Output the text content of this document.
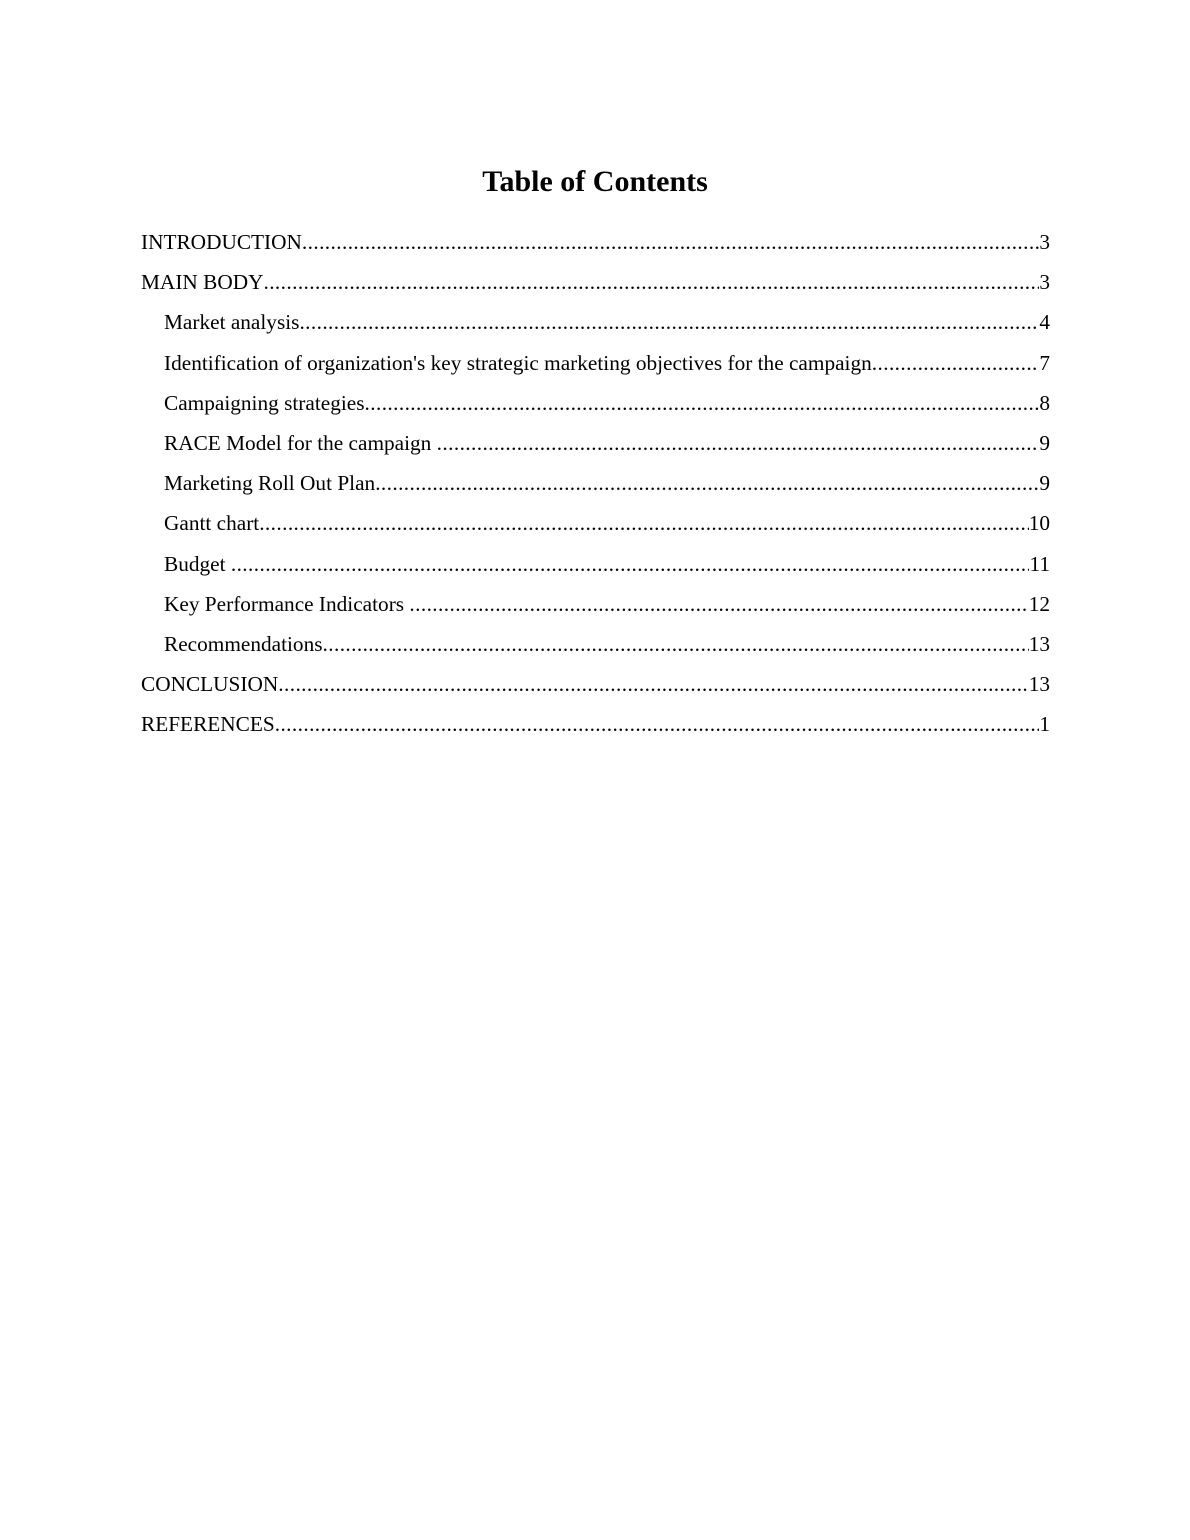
Table of Contents
INTRODUCTION .....	3
MAIN BODY .....	3
Market analysis .....	4
Identification of organization's key strategic marketing objectives for the campaign .....	7
Campaigning strategies .....	8
RACE Model for the campaign .....	9
Marketing Roll Out Plan .....	9
Gantt chart .....	10
Budget .....	11
Key Performance Indicators .....	12
Recommendations .....	13
CONCLUSION .....	13
REFERENCES .....	1
